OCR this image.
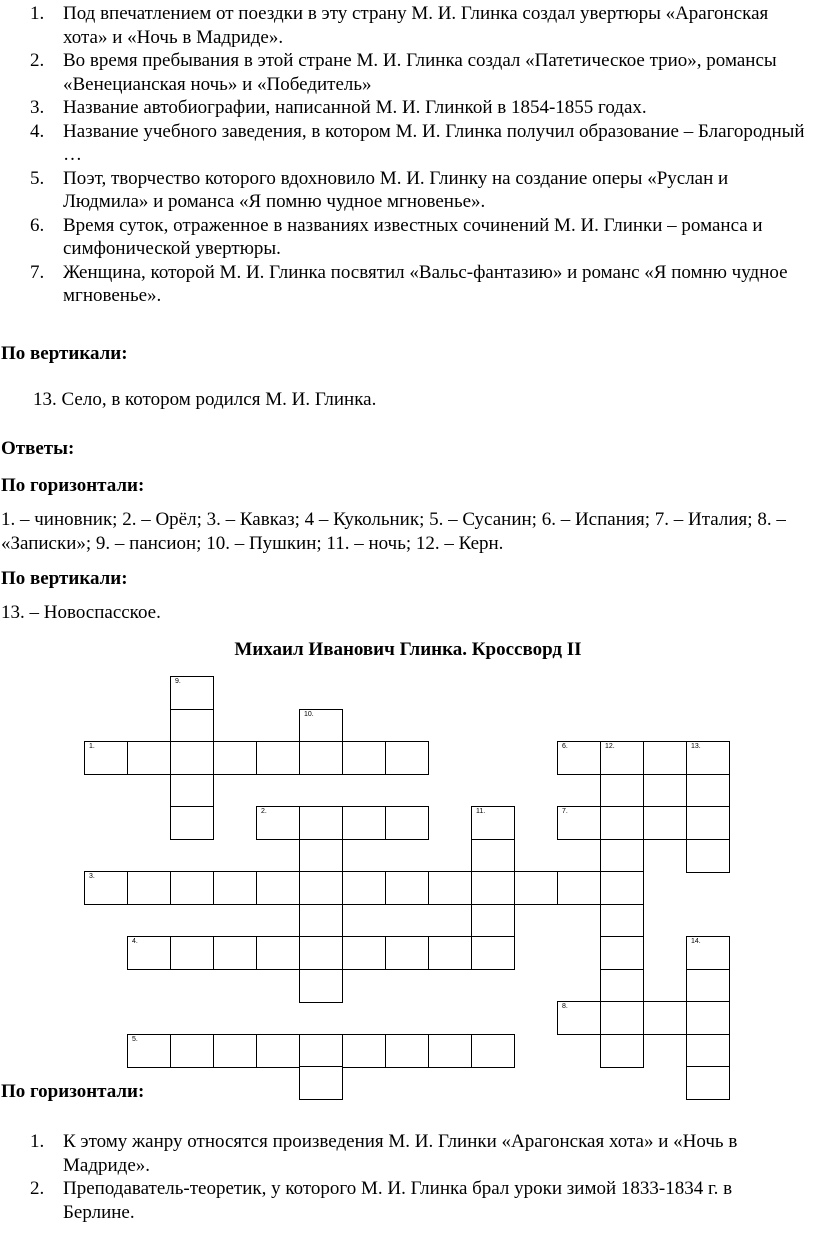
1. Под впечатлением от поездки в эту страну М. И. Глинка создал увертюры «Арагонская хота» и «Ночь в Мадриде».
2. Во время пребывания в этой стране М. И. Глинка создал «Патетическое трио», романсы «Венецианская ночь» и «Победитель»
3. Название автобиографии, написанной М. И. Глинкой в 1854-1855 годах.
4. Название учебного заведения, в котором М. И. Глинка получил образование – Благородный …
5. Поэт, творчество которого вдохновило М. И. Глинку на создание оперы «Руслан и Людмила» и романса «Я помню чудное мгновенье».
6. Время суток, отраженное в названиях известных сочинений М. И. Глинки – романса и симфонической увертюры.
7. Женщина, которой М. И. Глинка посвятил «Вальс-фантазию» и романс «Я помню чудное мгновенье».

По вертикали:

13. Село, в котором родился М. И. Глинка.

Ответы:

По горизонтали:

1. – чиновник; 2. – Орёл; 3. – Кавказ; 4 – Кукольник; 5. – Сусанин; 6. – Испания; 7. – Италия; 8. – «Записки»; 9. – пансион; 10. – Пушкин; 11. – ночь; 12. – Керн.

По вертикали:

13. – Новоспасское.

Михаил Иванович Глинка. Кроссворд II
9.
10.
1.	6.	12.	13.
2.	11.	7.
3.
4.	14.
8.
5.

По горизонтали:

1. К этому жанру относятся произведения М. И. Глинки «Арагонская хота» и «Ночь в Мадриде».
2. Преподаватель-теоретик, у которого М. И. Глинка брал уроки зимой 1833-1834 г. в Берлине.
